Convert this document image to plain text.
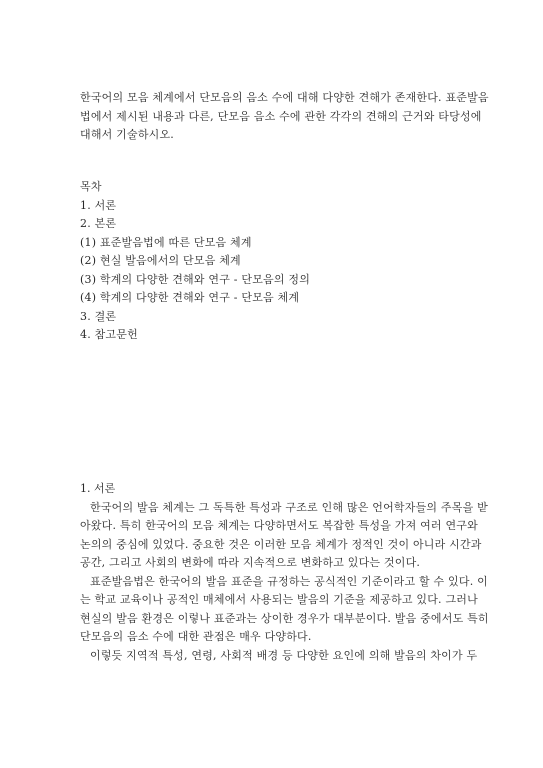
한국어의 모음 체계에서 단모음의 음소 수에 대해 다양한 견해가 존재한다. 표준발음
법에서 제시된 내용과 다른, 단모음 음소 수에 관한 각각의 견해의 근거와 타당성에
대해서 기술하시오.
목차
1. 서론
2. 본론
(1) 표준발음법에 따른 단모음 체계
(2) 현실 발음에서의 단모음 체계
(3) 학계의 다양한 견해와 연구 - 단모음의 정의
(4) 학계의 다양한 견해와 연구 - 단모음 체계
3. 결론
4. 참고문헌
1. 서론
한국어의 발음 체계는 그 독특한 특성과 구조로 인해 많은 언어학자들의 주목을 받
아왔다. 특히 한국어의 모음 체계는 다양하면서도 복잡한 특성을 가져 여러 연구와
논의의 중심에 있었다. 중요한 것은 이러한 모음 체계가 정적인 것이 아니라 시간과
공간, 그리고 사회의 변화에 따라 지속적으로 변화하고 있다는 것이다.
표준발음법은 한국어의 발음 표준을 규정하는 공식적인 기준이라고 할 수 있다. 이
는 학교 교육이나 공적인 매체에서 사용되는 발음의 기준을 제공하고 있다. 그러나
현실의 발음 환경은 이렇나 표준과는 상이한 경우가 대부분이다. 발음 중에서도 특히
단모음의 음소 수에 대한 관점은 매우 다양하다.
이렇듯 지역적 특성, 연령, 사회적 배경 등 다양한 요인에 의해 발음의 차이가 두
